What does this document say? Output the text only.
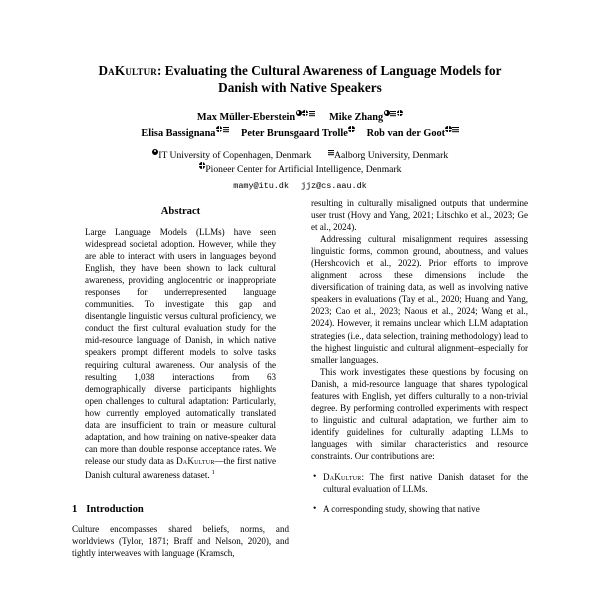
DaKultur: Evaluating the Cultural Awareness of Language Models for
Danish with Native Speakers
Max Müller-Eberstein	Mike Zhang
Elisa Bassignana Peter Brunsgaard Trolle Rob van der Goot
IT University of Copenhagen, Denmark Aalborg University, Denmark
Pioneer Center for Artificial Intelligence, Denmark
mamy@itu.dk jjz@cs.aau.dk
Abstract
Large Language Models (LLMs) have seen widespread societal adoption. However, while they are able to interact with users in languages beyond English, they have been shown to lack cultural awareness, providing anglocentric or inappropriate responses for underrepresented language communities. To investigate this gap and disentangle linguistic versus cultural proficiency, we conduct the first cultural evaluation study for the mid-resource language of Danish, in which native speakers prompt different models to solve tasks requiring cultural awareness. Our analysis of the resulting 1,038 interactions from 63 demographically diverse participants highlights open challenges to cultural adaptation: Particularly, how currently employed automatically translated data are insufficient to train or measure cultural adaptation, and how training on native-speaker data can more than double response acceptance rates. We release our study data as DaKultur—the first native Danish cultural awareness dataset. $^1$
1 Introduction

Culture encompasses shared beliefs, norms, and worldviews (Tylor, 1871; Braff and Nelson, 2020), and tightly interweaves with language (Kramsch,

resulting in culturally misaligned outputs that undermine user trust (Hovy and Yang, 2021; Litschko et al., 2023; Ge et al., 2024).

Addressing cultural misalignment requires assessing linguistic forms, common ground, aboutness, and values (Hershcovich et al., 2022). Prior efforts to improve alignment across these dimensions include the diversification of training data, as well as involving native speakers in evaluations (Tay et al., 2020; Huang and Yang, 2023; Cao et al., 2023; Naous et al., 2024; Wang et al., 2024). However, it remains unclear which LLM adaptation strategies (i.e., data selection, training methodology) lead to the highest linguistic and cultural alignment–especially for smaller languages.

This work investigates these questions by focusing on Danish, a mid-resource language that shares typological features with English, yet differs culturally to a non-trivial degree. By performing controlled experiments with respect to linguistic and cultural adaptation, we further aim to identify guidelines for culturally adapting LLMs to languages with similar characteristics and resource constraints. Our contributions are:

• DaKultur: The first native Danish dataset for the cultural evaluation of LLMs.
• A corresponding study, showing that native
